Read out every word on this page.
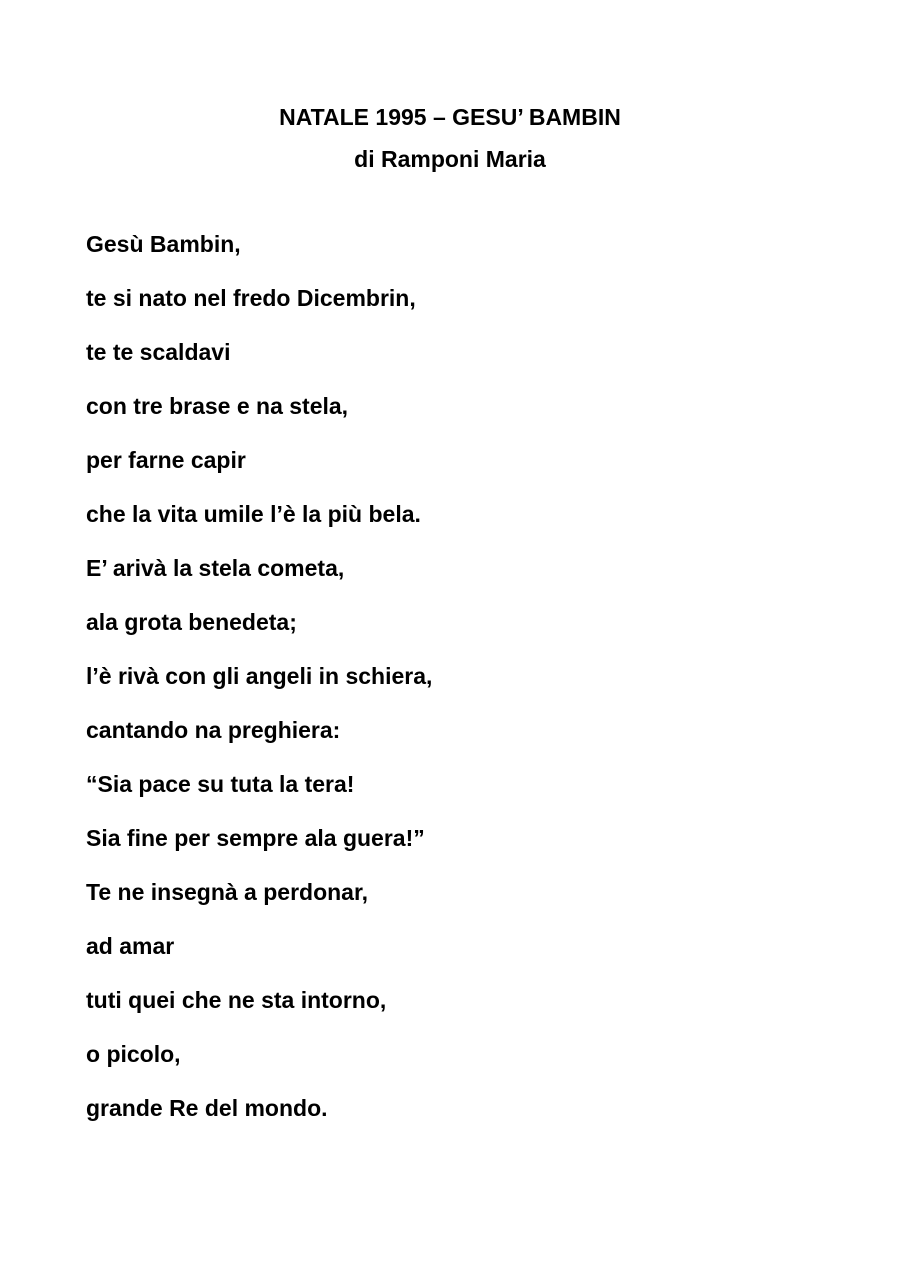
NATALE 1995 – GESU’ BAMBIN

di Ramponi Maria

Gesù Bambin,

te si nato nel fredo Dicembrin,

te te scaldavi

con tre brase e na stela,

per farne capir

che la vita umile l’è la più bela.

E’ arivà la stela cometa,

ala grota benedeta;

l’è rivà con gli angeli in schiera,

cantando na preghiera:

“Sia pace su tuta la tera!

Sia fine per sempre ala guera!”

Te ne insegnà a perdonar,

ad amar

tuti quei che ne sta intorno,

o picolo,

grande Re del mondo.
